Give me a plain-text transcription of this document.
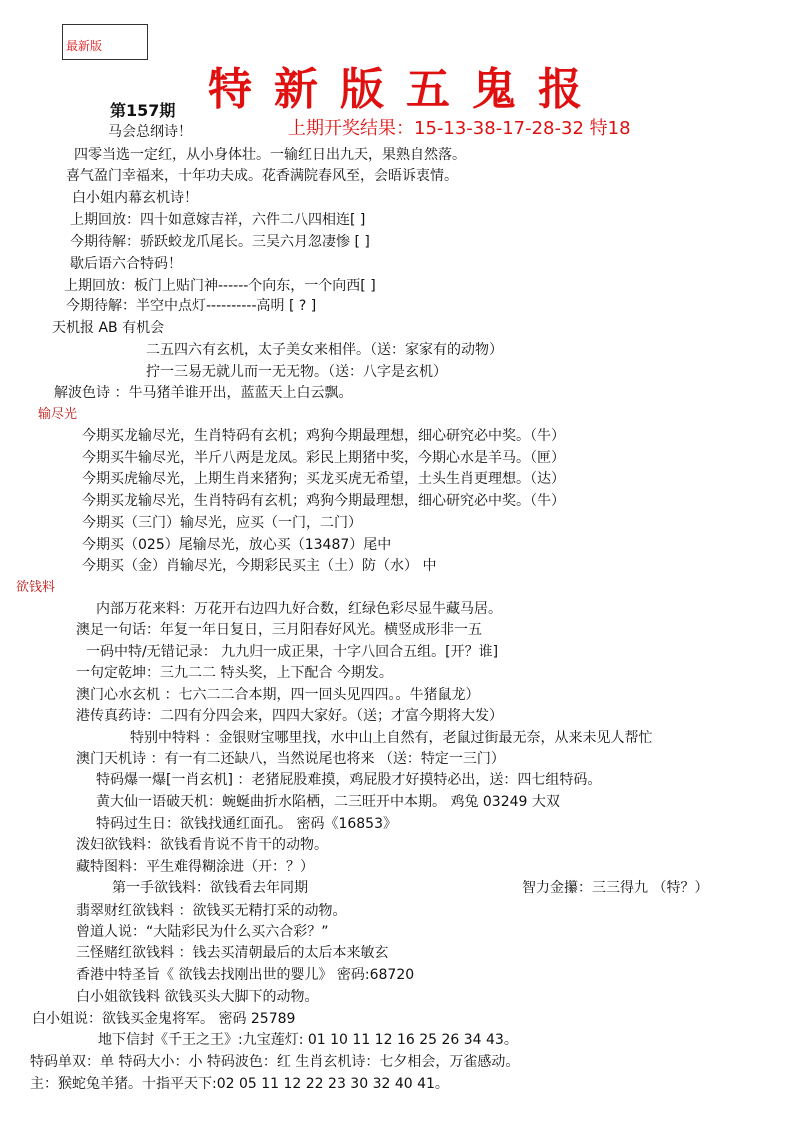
最新版
特新版五鬼报
第157期
上期开奖结果：15-13-38-17-28-32 特18
马会总纲诗！
四零当选一定红，从小身体壮。一输红日出九天，果熟自然落。
喜气盈门幸福来，十年功夫成。花香满院春风至，会晤诉衷情。
白小姐内幕玄机诗！
上期回放：四十如意嫁吉祥，六件二八四相连[ ]
今期待解：骄跃蛟龙爪尾长。三吴六月忽凄惨 [ ]
歇后语六合特码！
上期回放：板门上贴门神------个向东，一个向西[ ]
今期待解：半空中点灯----------高明 [ ? ]
天机报 AB 有机会
二五四六有玄机，太子美女来相伴。（送：家家有的动物）
拧一三易无就儿而一无无物。（送：八字是玄机）
解波色诗 ：牛马猪羊谁开出，蓝蓝天上白云飘。
输尽光
今期买龙输尽光，生肖特码有玄机；鸡狗今期最理想，细心研究必中奖。（牛）
今期买牛输尽光，半斤八两是龙凤。彩民上期猪中奖，今期心水是羊马。（匣）
今期买虎输尽光，上期生肖来猪狗；买龙买虎无希望，土头生肖更理想。（达）
今期买龙输尽光，生肖特码有玄机；鸡狗今期最理想，细心研究必中奖。（牛）
今期买（三门）输尽光，应买（一门，二门）
今期买（025）尾输尽光，放心买（13487）尾中
今期买（金）肖输尽光，今期彩民买主（土）防（水） 中
欲钱料
内部万花来料：万花开右边四九好合数，红绿色彩尽显牛藏马居。
澳足一句话：年复一年日复日，三月阳春好风光。横竖成形非一五
一码中特/无错记录： 九九归一成正果，十字八回合五组。[开？谁]
一句定乾坤：三九二二 特头奖，上下配合 今期发。
澳门心水玄机 ：七六二二合本期，四一回头见四四。。牛猪鼠龙）
港传真药诗：二四有分四会来，四四大家好。（送；才富今期将大发）
特别中特料 ：金银财宝哪里找，水中山上自然有，老鼠过街最无奈，从来未见人帮忙
澳门天机诗 ：有一有二还缺八，当然说尾也将来 （送：特定一三门）
特码爆一爆[一肖玄机] ：老猪屁股难摸，鸡屁股才好摸特必出，送：四七组特码。
黄大仙一语破天机：蜿蜒曲折水陷栖，二三旺开中本期。 鸡兔 03249 大双
特码过生日：欲钱找通红面孔。 密码《16853》
泼妇欲钱料：欲钱看肯说不肯干的动物。
藏特图料：平生难得糊涂进（开：？）
第一手欲钱料：欲钱看去年同期	智力金攥：三三得九 （特？）
翡翠财红欲钱料 ：欲钱买无精打采的动物。
曾道人说：“大陆彩民为什么买六合彩？”
三怪赌红欲钱料 ：钱去买清朝最后的太后本来敏玄
香港中特圣旨《 欲钱去找刚出世的婴儿》 密码:68720
白小姐欲钱料 欲钱买头大脚下的动物。
白小姐说：欲钱买金鬼将军。 密码 25789
地下信封《千王之王》:九宝莲灯: 01 10 11 12 16 25 26 34 43。
特码单双：单 特码大小：小 特码波色：红 生肖玄机诗：七夕相会，万雀感动。
主：猴蛇兔羊猪。十指平天下:02 05 11 12 22 23 30 32 40 41。
